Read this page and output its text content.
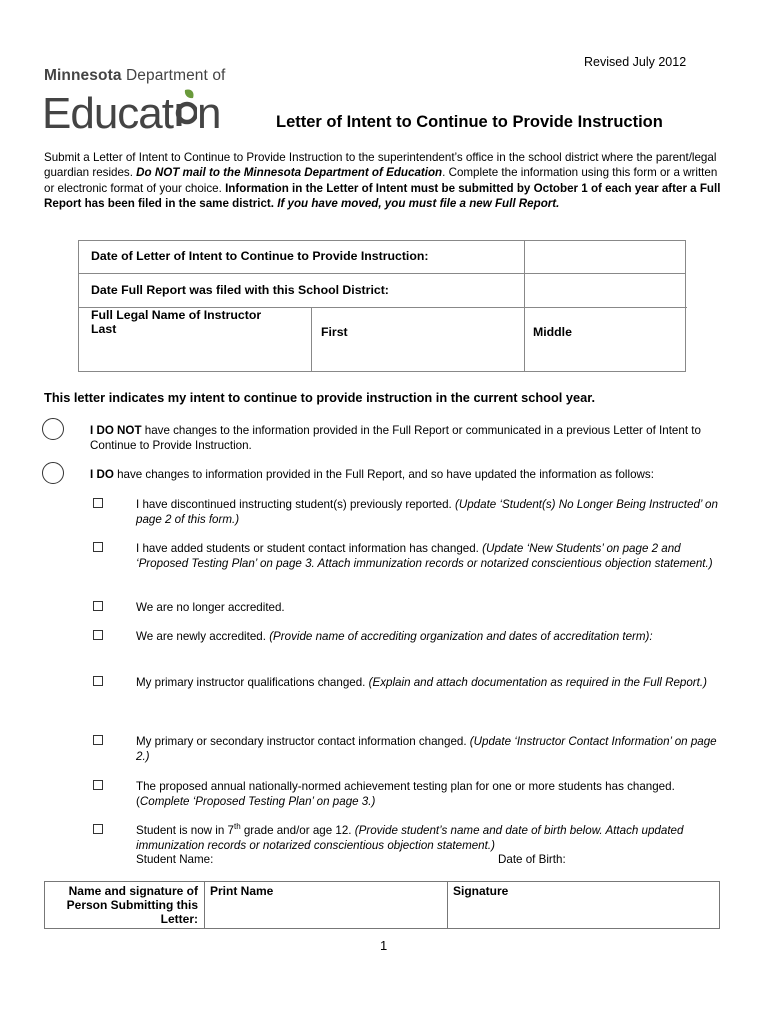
Revised July 2012
Minnesota Department of
Educat n	Letter of Intent to Continue to Provide Instruction
Submit a Letter of Intent to Continue to Provide Instruction to the superintendent’s office in the school district where the parent/legal guardian resides. Do NOT mail to the Minnesota Department of Education. Complete the information using this form or a written or electronic format of your choice. Information in the Letter of Intent must be submitted by October 1 of each year after a Full Report has been filed in the same district. If you have moved, you must file a new Full Report.
Date of Letter of Intent to Continue to Provide Instruction:		
Date Full Report was filed with this School District:		

Full Legal Name of Instructor
Last	First	Middle
This letter indicates my intent to continue to provide instruction in the current school year.
I DO NOT have changes to the information provided in the Full Report or communicated in a previous Letter of Intent to Continue to Provide Instruction.
I DO have changes to information provided in the Full Report, and so have updated the information as follows:
I have discontinued instructing student(s) previously reported. (Update ‘Student(s) No Longer Being Instructed’ on page 2 of this form.)
I have added students or student contact information has changed. (Update ‘New Students’ on page 2 and ‘Proposed Testing Plan’ on page 3. Attach immunization records or notarized conscientious objection statement.)
We are no longer accredited.
We are newly accredited. (Provide name of accrediting organization and dates of accreditation term):
My primary instructor qualifications changed. (Explain and attach documentation as required in the Full Report.)
My primary or secondary instructor contact information changed. (Update ‘Instructor Contact Information’ on page 2.)
The proposed annual nationally-normed achievement testing plan for one or more students has changed. (Complete ‘Proposed Testing Plan’ on page 3.)
Student is now in 7th grade and/or age 12. (Provide student’s name and date of birth below. Attach updated immunization records or notarized conscientious objection statement.)
Student Name:	Date of Birth:
Name and signature of Person Submitting this Letter:	Print Name	Signature
1
